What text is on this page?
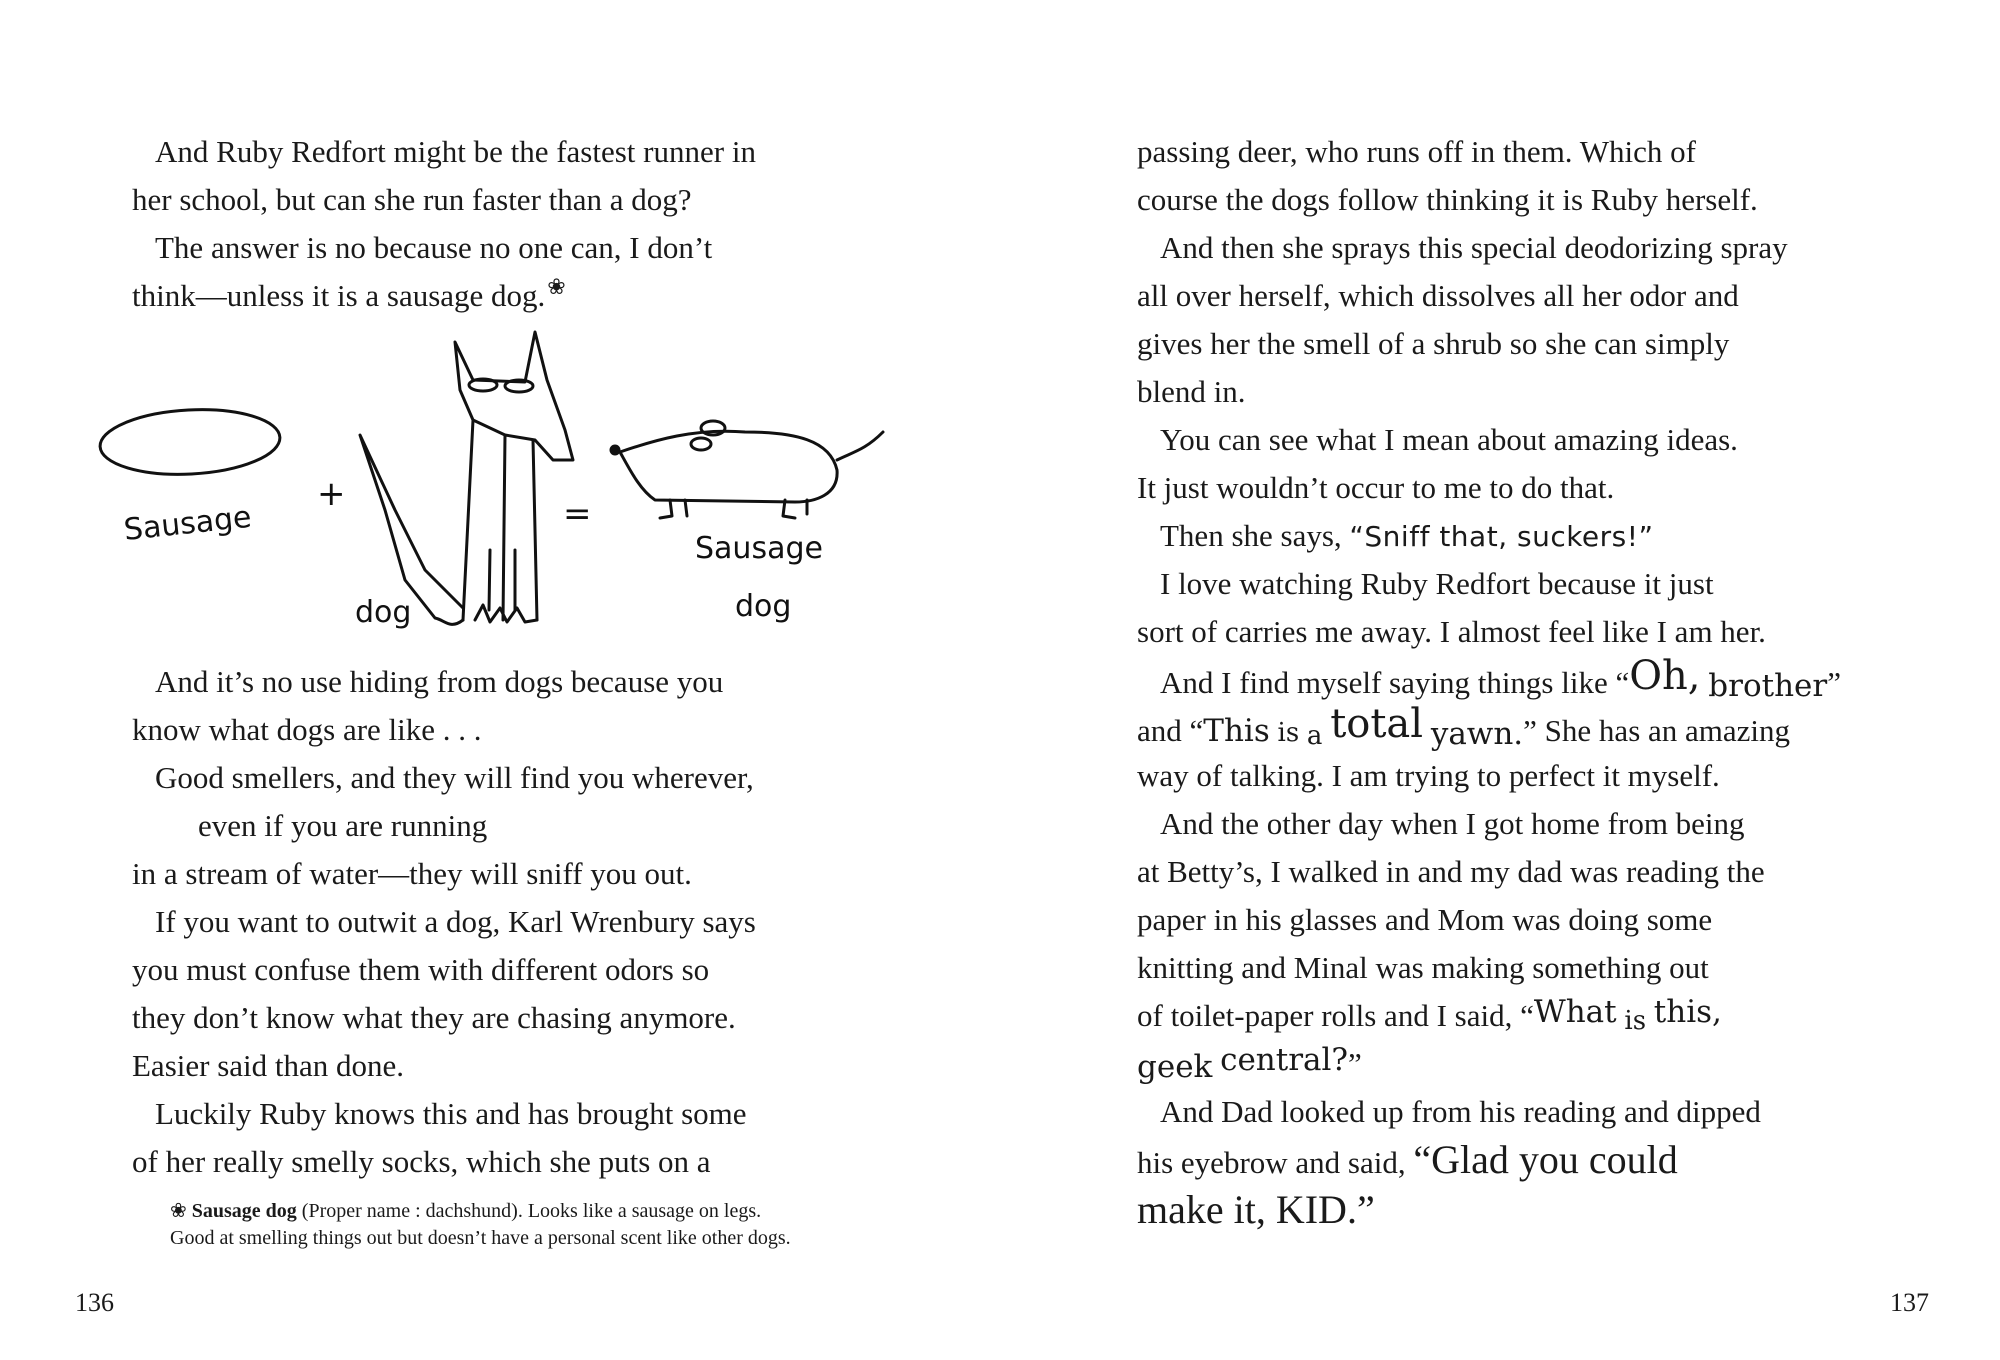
And Ruby Redfort might be the fastest runner in
her school, but can she run faster than a dog?
The answer is no because no one can, I don’t
think—unless it is a sausage dog.❀
Sausage
+
dog
=
Sausage
dog
And it’s no use hiding from dogs because you
know what dogs are like . . .
Good smellers, and they will find you wherever,
even if you are running
in a stream of water—they will sniff you out.
If you want to outwit a dog, Karl Wrenbury says
you must confuse them with different odors so
they don’t know what they are chasing anymore.
Easier said than done.
Luckily Ruby knows this and has brought some
of her really smelly socks, which she puts on a
❀ Sausage dog (Proper name : dachshund). Looks like a sausage on legs.
Good at smelling things out but doesn’t have a personal scent like other dogs.
136
passing deer, who runs off in them. Which of
course the dogs follow thinking it is Ruby herself.
And then she sprays this special deodorizing spray
all over herself, which dissolves all her odor and
gives her the smell of a shrub so she can simply
blend in.
You can see what I mean about amazing ideas.
It just wouldn’t occur to me to do that.
Then she says, “Sniff that, suckers!”
I love watching Ruby Redfort because it just
sort of carries me away. I almost feel like I am her.
And I find myself saying things like “Oh, brother”
and “This is a total yawn.” She has an amazing
way of talking. I am trying to perfect it myself.
And the other day when I got home from being
at Betty’s, I walked in and my dad was reading the
paper in his glasses and Mom was doing some
knitting and Minal was making something out
of toilet-paper rolls and I said, “What is this,
geek central?”
And Dad looked up from his reading and dipped
his eyebrow and said, “Glad you could
make it, KID.”
137
